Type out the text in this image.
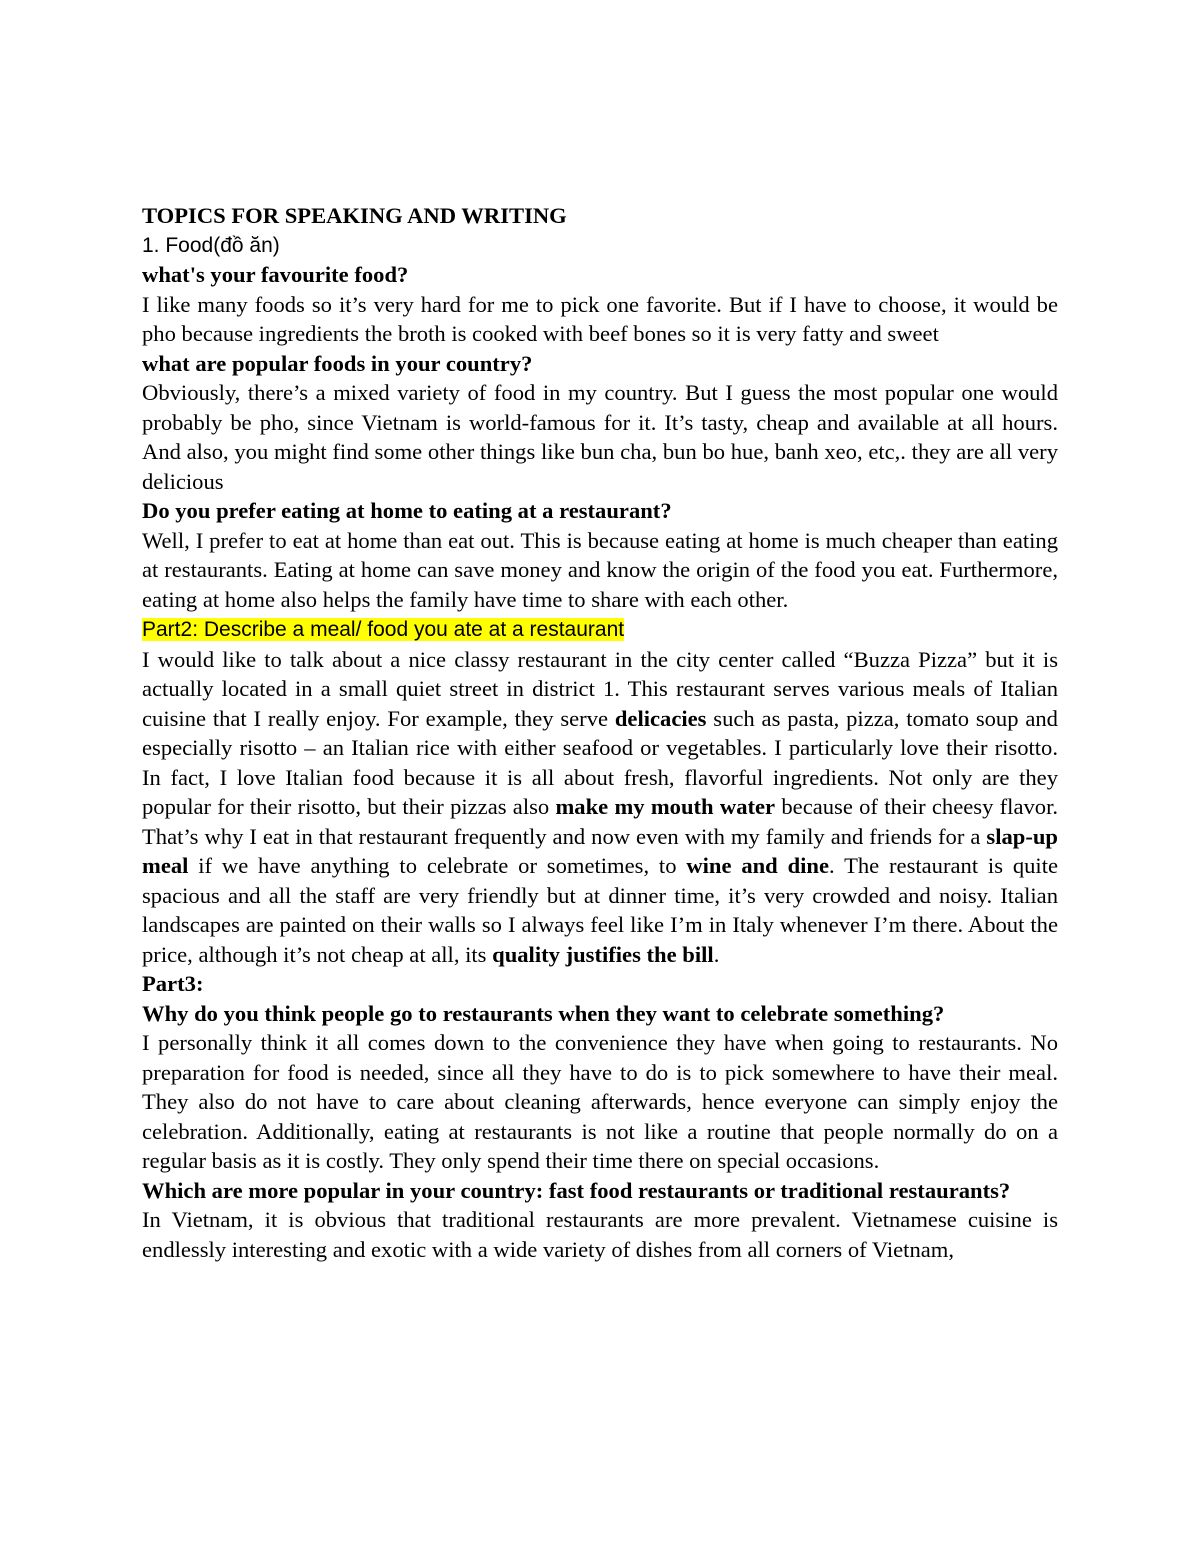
TOPICS FOR SPEAKING AND WRITING

1. Food(đồ ăn)

what's your favourite food?

I like many foods so it’s very hard for me to pick one favorite. But if I have to choose, it would be pho because ingredients the broth is cooked with beef bones so it is very fatty and sweet

what are popular foods in your country?

Obviously, there’s a mixed variety of food in my country. But I guess the most popular one would probably be pho, since Vietnam is world-famous for it. It’s tasty, cheap and available at all hours. And also, you might find some other things like bun cha, bun bo hue, banh xeo, etc,. they are all very delicious

Do you prefer eating at home to eating at a restaurant?

Well, I prefer to eat at home than eat out. This is because eating at home is much cheaper than eating at restaurants. Eating at home can save money and know the origin of the food you eat. Furthermore, eating at home also helps the family have time to share with each other.

Part2: Describe a meal/ food you ate at a restaurant

I would like to talk about a nice classy restaurant in the city center called “Buzza Pizza” but it is actually located in a small quiet street in district 1. This restaurant serves various meals of Italian cuisine that I really enjoy. For example, they serve delicacies such as pasta, pizza, tomato soup and especially risotto – an Italian rice with either seafood or vegetables. I particularly love their risotto. In fact, I love Italian food because it is all about fresh, flavorful ingredients. Not only are they popular for their risotto, but their pizzas also make my mouth water because of their cheesy flavor. That’s why I eat in that restaurant frequently and now even with my family and friends for a slap-up meal if we have anything to celebrate or sometimes, to wine and dine. The restaurant is quite spacious and all the staff are very friendly but at dinner time, it’s very crowded and noisy. Italian landscapes are painted on their walls so I always feel like I’m in Italy whenever I’m there. About the price, although it’s not cheap at all, its quality justifies the bill.

Part3:

Why do you think people go to restaurants when they want to celebrate something?

I personally think it all comes down to the convenience they have when going to restaurants. No preparation for food is needed, since all they have to do is to pick somewhere to have their meal. They also do not have to care about cleaning afterwards, hence everyone can simply enjoy the celebration. Additionally, eating at restaurants is not like a routine that people normally do on a regular basis as it is costly. They only spend their time there on special occasions.

Which are more popular in your country: fast food restaurants or traditional restaurants?

In Vietnam, it is obvious that traditional restaurants are more prevalent. Vietnamese cuisine is endlessly interesting and exotic with a wide variety of dishes from all corners of Vietnam,
